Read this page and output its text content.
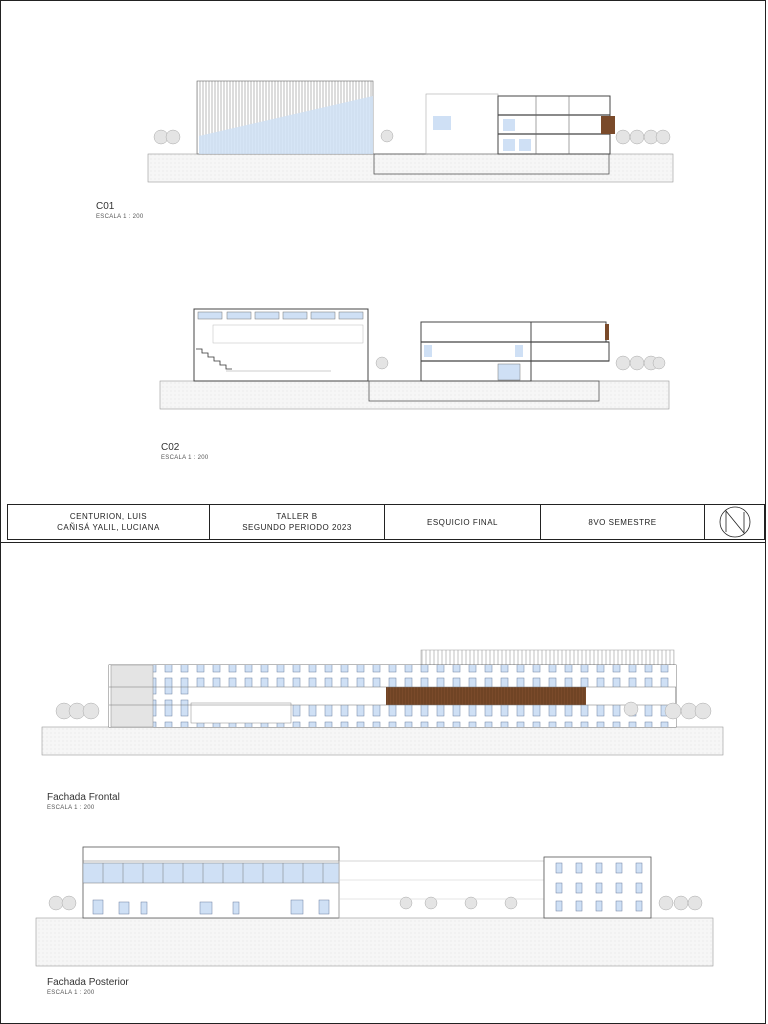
C01
ESCALA 1 : 200
C02
ESCALA 1 : 200
CENTURION, LUIS
CAÑISÁ YALIL, LUCIANA
TALLER B
SEGUNDO PERIODO 2023
ESQUICIO FINAL	8VO SEMESTRE
Fachada Frontal
ESCALA 1 : 200
Fachada Posterior
ESCALA 1 : 200
